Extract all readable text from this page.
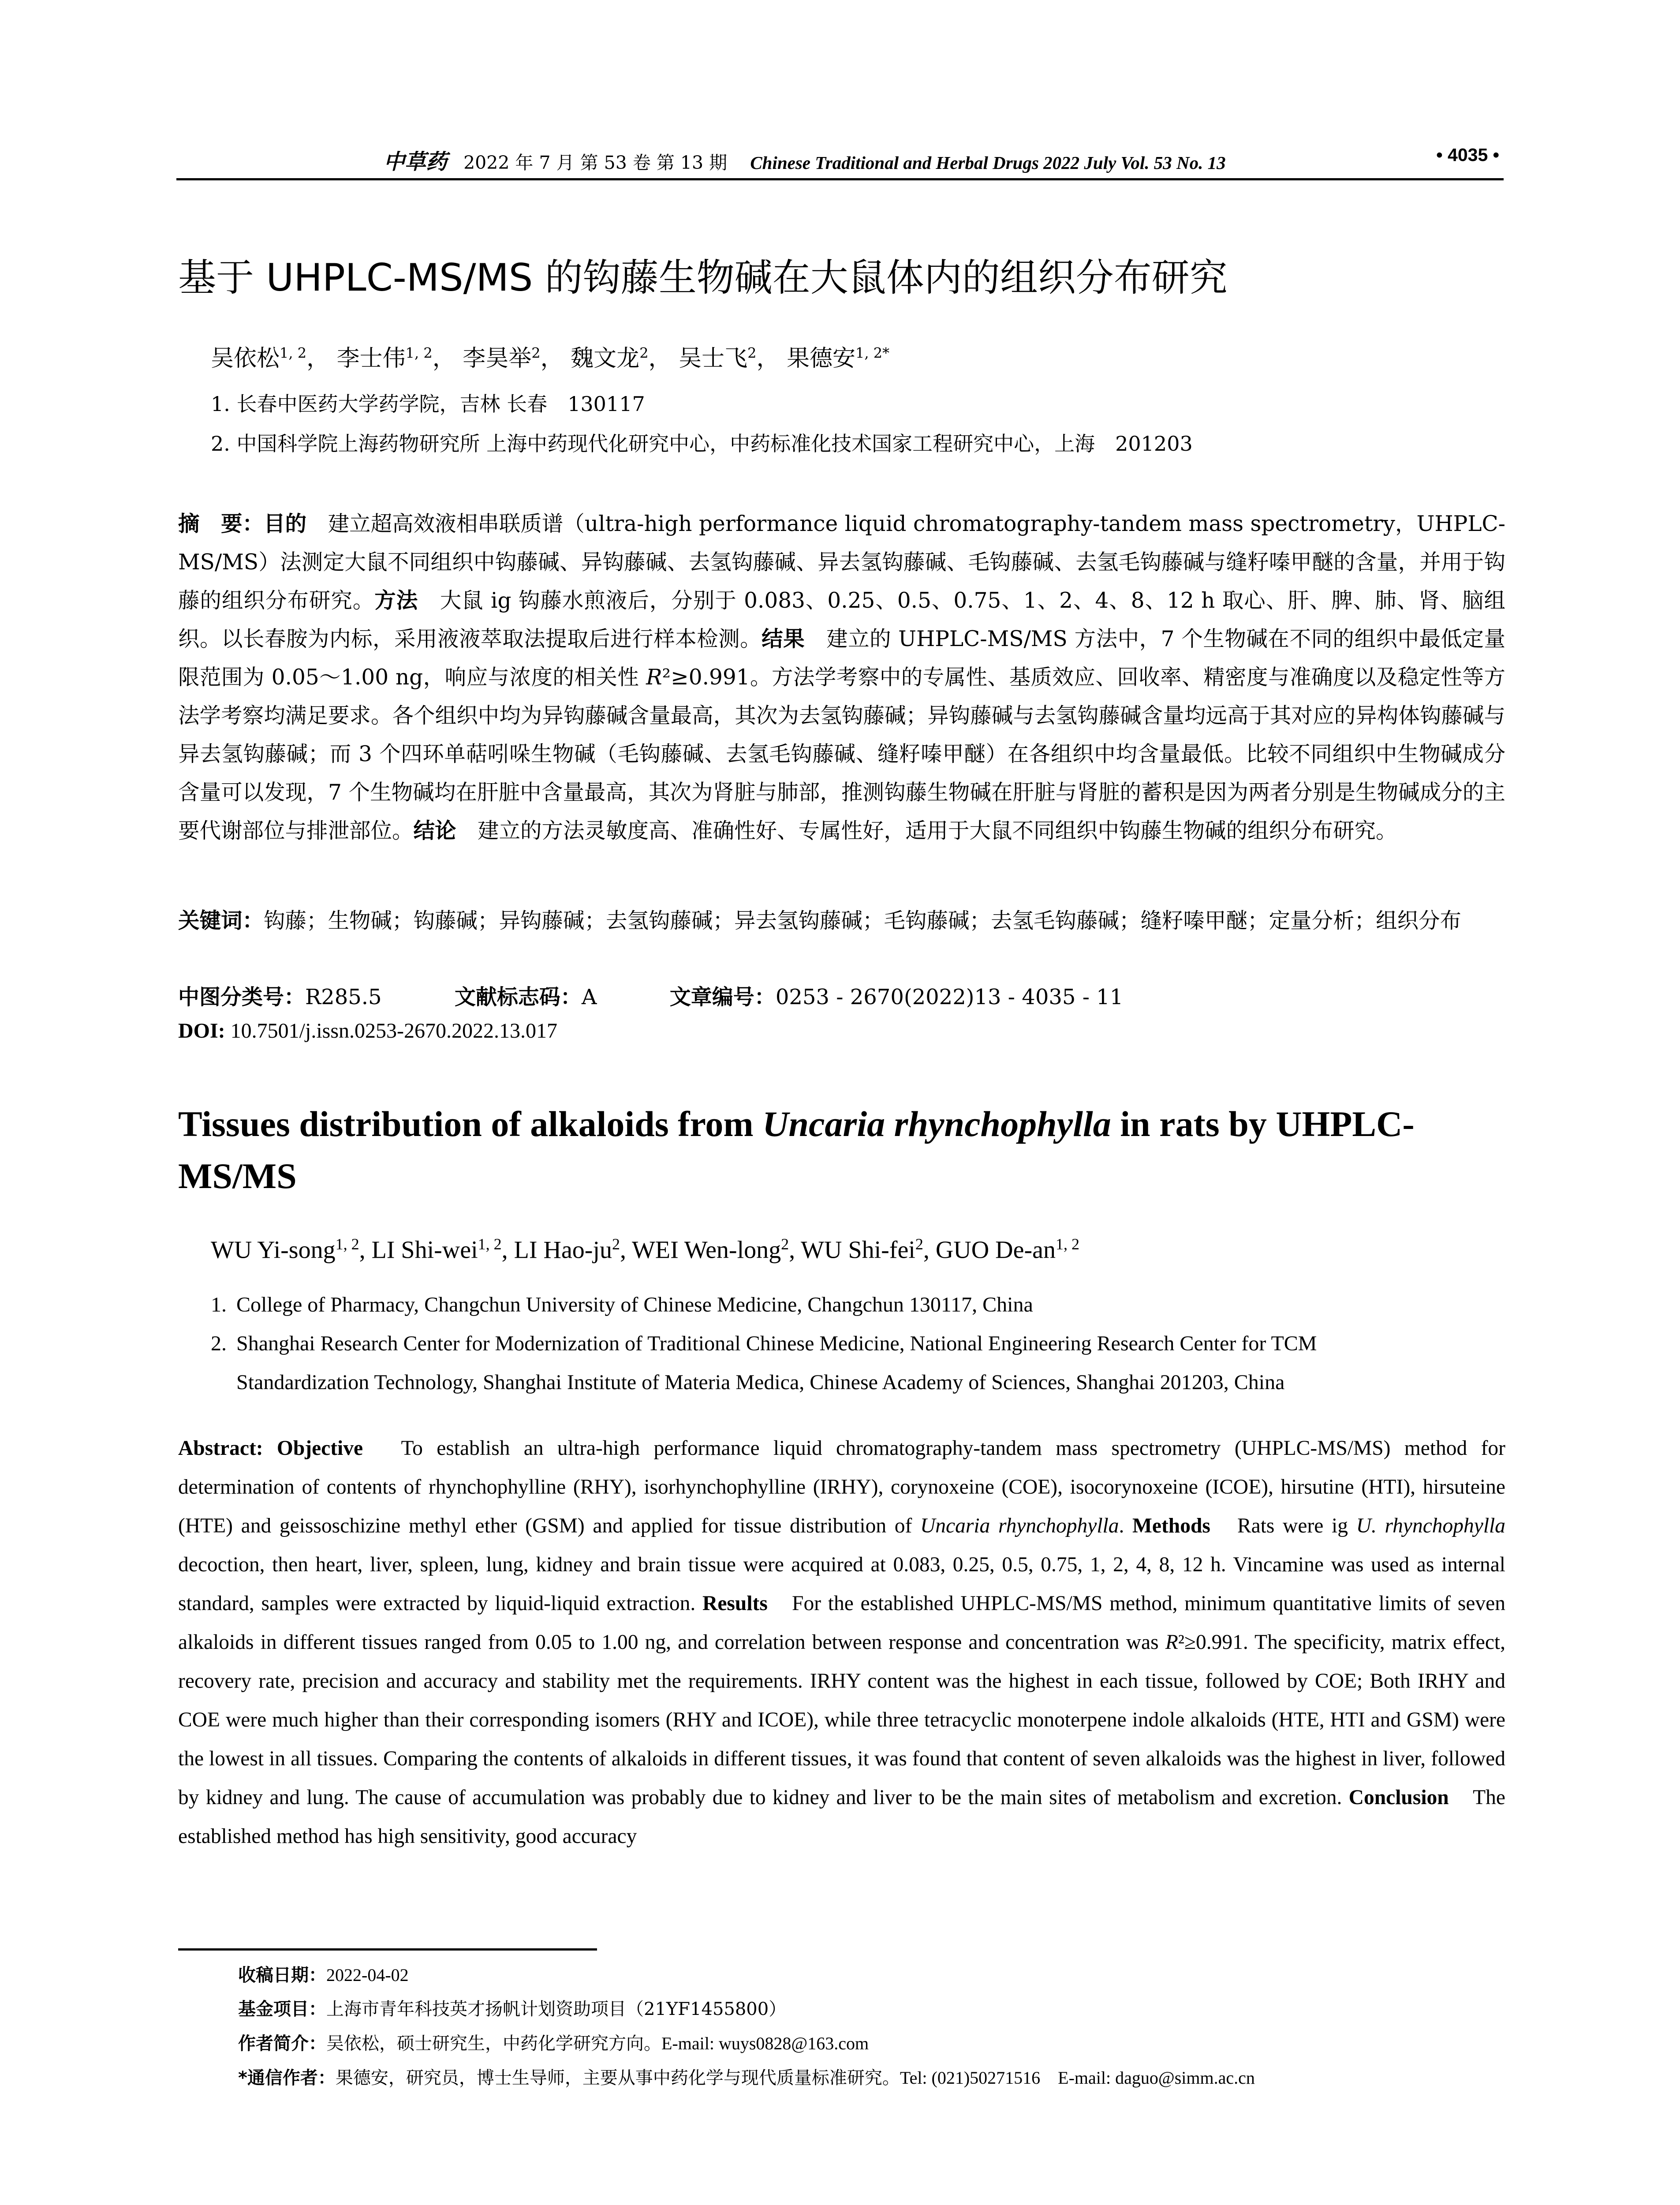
中草药 2022 年 7 月 第 53 卷 第 13 期 Chinese Traditional and Herbal Drugs 2022 July Vol. 53 No. 13	• 4035 •
基于 UHPLC-MS/MS 的钩藤生物碱在大鼠体内的组织分布研究
吴依松$^{1, 2}$， 李士伟$^{1, 2}$， 李昊举$^2$， 魏文龙$^2$， 吴士飞$^2$， 果德安$^{1, 2*}$
1. 长春中医药大学药学院，吉林 长春　130117
2. 中国科学院上海药物研究所 上海中药现代化研究中心，中药标准化技术国家工程研究中心，上海　201203
摘　要：目的　建立超高效液相串联质谱（ultra-high performance liquid chromatography-tandem mass spectrometry，UHPLC-MS/MS）法测定大鼠不同组织中钩藤碱、异钩藤碱、去氢钩藤碱、异去氢钩藤碱、毛钩藤碱、去氢毛钩藤碱与缝籽嗪甲醚的含量，并用于钩藤的组织分布研究。方法　大鼠 ig 钩藤水煎液后，分别于 0.083、0.25、0.5、0.75、1、2、4、8、12 h 取心、肝、脾、肺、肾、脑组织。以长春胺为内标，采用液液萃取法提取后进行样本检测。结果　建立的 UHPLC-MS/MS 方法中，7 个生物碱在不同的组织中最低定量限范围为 0.05～1.00 ng，响应与浓度的相关性 R²≥0.991。方法学考察中的专属性、基质效应、回收率、精密度与准确度以及稳定性等方法学考察均满足要求。各个组织中均为异钩藤碱含量最高，其次为去氢钩藤碱；异钩藤碱与去氢钩藤碱含量均远高于其对应的异构体钩藤碱与异去氢钩藤碱；而 3 个四环单萜吲哚生物碱（毛钩藤碱、去氢毛钩藤碱、缝籽嗪甲醚）在各组织中均含量最低。比较不同组织中生物碱成分含量可以发现，7 个生物碱均在肝脏中含量最高，其次为肾脏与肺部，推测钩藤生物碱在肝脏与肾脏的蓄积是因为两者分别是生物碱成分的主要代谢部位与排泄部位。结论　建立的方法灵敏度高、准确性好、专属性好，适用于大鼠不同组织中钩藤生物碱的组织分布研究。
关键词：钩藤；生物碱；钩藤碱；异钩藤碱；去氢钩藤碱；异去氢钩藤碱；毛钩藤碱；去氢毛钩藤碱；缝籽嗪甲醚；定量分析；组织分布
中图分类号：R285.5	文献标志码：A	文章编号：0253 - 2670(2022)13 - 4035 - 11
DOI: 10.7501/j.issn.0253-2670.2022.13.017
Tissues distribution of alkaloids from Uncaria rhynchophylla in rats by UHPLC-MS/MS
WU Yi-song$^{1, 2}$, LI Shi-wei$^{1, 2}$, LI Hao-$ju^2$, WEI Wen-long$^2$, WU Shi-fei$^2$, GUO De-an$^{1, 2}$
1. College of Pharmacy, Changchun University of Chinese Medicine, Changchun 130117, China
2. Shanghai Research Center for Modernization of Traditional Chinese Medicine, National Engineering Research Center for TCM
Standardization Technology, Shanghai Institute of Materia Medica, Chinese Academy of Sciences, Shanghai 201203, China
Abstract: Objective　To establish an ultra-high performance liquid chromatography-tandem mass spectrometry (UHPLC-MS/MS) method for determination of contents of rhynchophylline (RHY), isorhynchophylline (IRHY), corynoxeine (COE), isocorynoxeine (ICOE), hirsutine (HTI), hirsuteine (HTE) and geissoschizine methyl ether (GSM) and applied for tissue distribution of Uncaria rhynchophylla. Methods　Rats were ig U. rhynchophylla decoction, then heart, liver, spleen, lung, kidney and brain tissue were acquired at 0.083, 0.25, 0.5, 0.75, 1, 2, 4, 8, 12 h. Vincamine was used as internal standard, samples were extracted by liquid-liquid extraction. Results　For the established UHPLC-MS/MS method, minimum quantitative limits of seven alkaloids in different tissues ranged from 0.05 to 1.00 ng, and correlation between response and concentration was R²≥0.991. The specificity, matrix effect, recovery rate, precision and accuracy and stability met the requirements. IRHY content was the highest in each tissue, followed by COE; Both IRHY and COE were much higher than their corresponding isomers (RHY and ICOE), while three tetracyclic monoterpene indole alkaloids (HTE, HTI and GSM) were the lowest in all tissues. Comparing the contents of alkaloids in different tissues, it was found that content of seven alkaloids was the highest in liver, followed by kidney and lung. The cause of accumulation was probably due to kidney and liver to be the main sites of metabolism and excretion. Conclusion　The established method has high sensitivity, good accuracy
收稿日期：2022-04-02
基金项目：上海市青年科技英才扬帆计划资助项目（21YF1455800）
作者简介：吴依松，硕士研究生，中药化学研究方向。E-mail: wuys0828@163.com
*通信作者：果德安，研究员，博士生导师，主要从事中药化学与现代质量标准研究。Tel: (021)50271516　E-mail: daguo@simm.ac.cn
